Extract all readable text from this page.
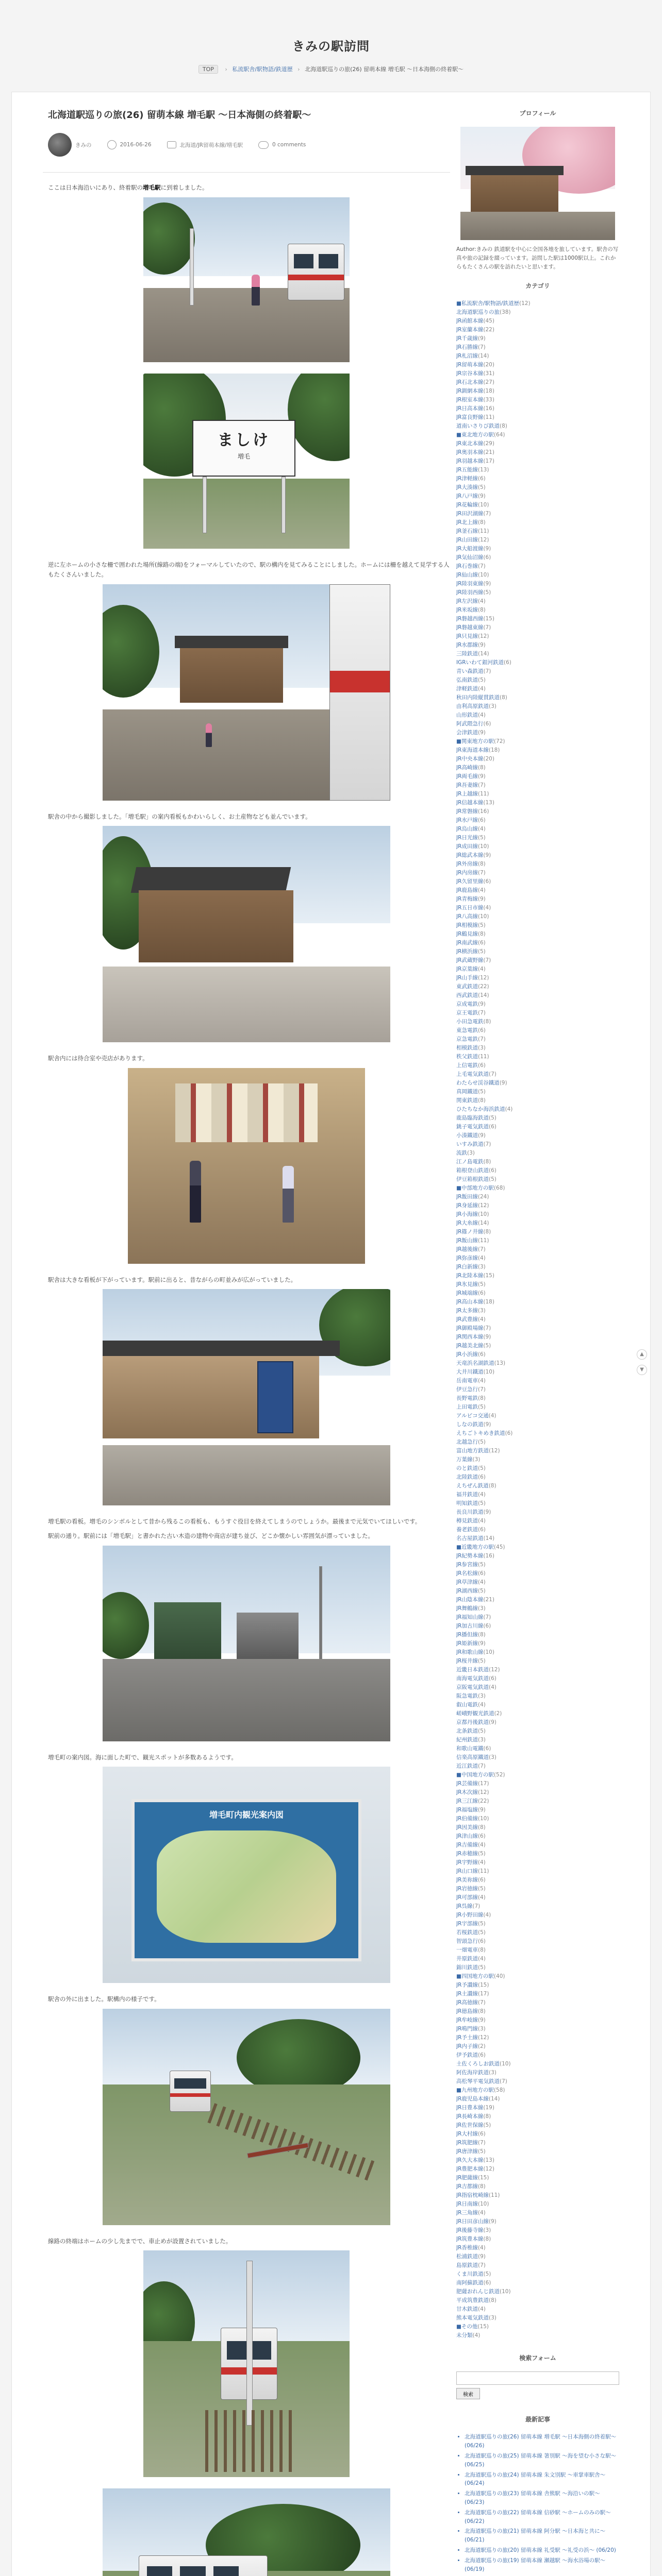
きみの駅訪問
TOP › 私流駅舎/駅物語/鉄道歴 › 北海道駅巡りの旅(26) 留萌本線 増毛駅 〜日本海側の終着駅〜
北海道駅巡りの旅(26) 留萌本線 増毛駅 〜日本海側の終着駅〜
きみの	2016-06-26	北海道/JR留萌本線/増毛駅	0 comments

ここは日本海沿いにあり、終着駅の増毛駅に到着しました。

ましけ
増毛

逆に左ホームの小さな柵で囲われた場所(線路の端)をフォーマルしていたので、駅の構内を見てみることにしました。ホームには柵を越えて見学する人もたくさんいました。

駅舎の中から撮影しました。「増毛駅」の案内看板もかわいらしく、お土産物なども並んでいます。

駅舎内には待合室や売店があります。

駅舎は大きな看板が下がっています。駅前に出ると、昔ながらの町並みが広がっていました。

増毛駅の看板。増毛のシンボルとして昔から残るこの看板も、もうすぐ役目を終えてしまうのでしょうか。最後まで元気でいてほしいです。

駅前の通り。駅前には「増毛駅」と書かれた古い木造の建物や商店が建ち並び、どこか懐かしい雰囲気が漂っていました。

増毛町の案内図。海に面した町で、観光スポットが多数あるようです。

増毛町内観光案内図

駅舎の外に出ました。駅構内の様子です。

線路の終端はホームの少し先までで、車止めが設置されていました。

プロフィール
Author:きみの 鉄道駅を中心に全国各地を旅しています。駅舎の写真や旅の記録を綴っています。訪問した駅は1000駅以上。これからもたくさんの駅を訪れたいと思います。
カテゴリ
■私流駅舎/駅物語/鉄道歴(12)
北海道駅巡りの旅(38)
JR函館本線(45)
JR室蘭本線(22)
JR千歳線(9)
JR石勝線(7)
JR札沼線(14)
JR留萌本線(20)
JR宗谷本線(31)
JR石北本線(27)
JR釧網本線(18)
JR根室本線(33)
JR日高本線(16)
JR富良野線(11)
道南いさりび鉄道(8)
■東北地方の駅(64)
JR東北本線(29)
JR奥羽本線(21)
JR羽越本線(17)
JR五能線(13)
JR津軽線(6)
JR大湊線(5)
JR八戸線(9)
JR花輪線(10)
JR田沢湖線(7)
JR北上線(8)
JR釜石線(11)
JR山田線(12)
JR大船渡線(9)
JR気仙沼線(6)
JR石巻線(7)
JR仙山線(10)
JR陸羽東線(9)
JR陸羽西線(5)
JR左沢線(4)
JR米坂線(8)
JR磐越西線(15)
JR磐越東線(7)
JR只見線(12)
JR水郡線(9)
三陸鉄道(14)
IGRいわて銀河鉄道(6)
青い森鉄道(7)
弘南鉄道(5)
津軽鉄道(4)
秋田内陸縦貫鉄道(8)
由利高原鉄道(3)
山形鉄道(4)
阿武隈急行(6)
会津鉄道(9)
■関東地方の駅(72)
JR東海道本線(18)
JR中央本線(20)
JR高崎線(8)
JR両毛線(9)
JR吾妻線(7)
JR上越線(11)
JR信越本線(13)
JR常磐線(16)
JR水戸線(6)
JR烏山線(4)
JR日光線(5)
JR成田線(10)
JR総武本線(9)
JR外房線(8)
JR内房線(7)
JR久留里線(6)
JR鹿島線(4)
JR青梅線(9)
JR五日市線(4)
JR八高線(10)
JR相模線(5)
JR鶴見線(8)
JR南武線(6)
JR横浜線(5)
JR武蔵野線(7)
JR京葉線(4)
JR山手線(12)
東武鉄道(22)
西武鉄道(14)
京成電鉄(9)
京王電鉄(7)
小田急電鉄(8)
東急電鉄(6)
京急電鉄(7)
相模鉄道(3)
秩父鉄道(11)
上信電鉄(6)
上毛電気鉄道(7)
わたらせ渓谷鐵道(9)
真岡鐵道(5)
関東鉄道(8)
ひたちなか海浜鉄道(4)
鹿島臨海鉄道(5)
銚子電気鉄道(6)
小湊鐵道(9)
いすみ鉄道(7)
流鉄(3)
江ノ島電鉄(8)
箱根登山鉄道(6)
伊豆箱根鉄道(5)
■中部地方の駅(68)
JR飯田線(24)
JR身延線(12)
JR小海線(10)
JR大糸線(14)
JR篠ノ井線(8)
JR飯山線(11)
JR越後線(7)
JR弥彦線(4)
JR白新線(3)
JR北陸本線(15)
JR氷見線(5)
JR城端線(6)
JR高山本線(18)
JR太多線(3)
JR武豊線(4)
JR御殿場線(7)
JR関西本線(9)
JR越美北線(5)
JR小浜線(6)
天竜浜名湖鉄道(13)
大井川鐵道(10)
岳南電車(4)
伊豆急行(7)
長野電鉄(8)
上田電鉄(5)
アルピコ交通(4)
しなの鉄道(9)
えちごトキめき鉄道(6)
北越急行(5)
富山地方鉄道(12)
万葉線(3)
のと鉄道(5)
北陸鉄道(6)
えちぜん鉄道(8)
福井鉄道(4)
明知鉄道(5)
長良川鉄道(9)
樽見鉄道(4)
養老鉄道(6)
名古屋鉄道(14)
■近畿地方の駅(45)
JR紀勢本線(16)
JR参宮線(5)
JR名松線(6)
JR草津線(4)
JR湖西線(5)
JR山陰本線(21)
JR舞鶴線(3)
JR福知山線(7)
JR加古川線(6)
JR播但線(8)
JR姫新線(9)
JR和歌山線(10)
JR桜井線(5)
近畿日本鉄道(12)
南海電気鉄道(6)
京阪電気鉄道(4)
阪急電鉄(3)
叡山電鉄(4)
嵯峨野観光鉄道(2)
京都丹後鉄道(9)
北条鉄道(5)
紀州鉄道(3)
和歌山電鐵(6)
信楽高原鐵道(3)
近江鉄道(7)
■中国地方の駅(52)
JR芸備線(17)
JR木次線(12)
JR三江線(22)
JR福塩線(9)
JR伯備線(10)
JR因美線(8)
JR津山線(6)
JR吉備線(4)
JR赤穂線(5)
JR宇野線(4)
JR山口線(11)
JR美祢線(6)
JR岩徳線(5)
JR可部線(4)
JR呉線(7)
JR小野田線(4)
JR宇部線(5)
若桜鉄道(5)
智頭急行(6)
一畑電車(8)
井原鉄道(4)
錦川鉄道(5)
■四国地方の駅(40)
JR予讃線(15)
JR土讃線(17)
JR高徳線(7)
JR徳島線(8)
JR牟岐線(9)
JR鳴門線(3)
JR予土線(12)
JR内子線(2)
伊予鉄道(6)
土佐くろしお鉄道(10)
阿佐海岸鉄道(3)
高松琴平電気鉄道(7)
■九州地方の駅(58)
JR鹿児島本線(14)
JR日豊本線(19)
JR長崎本線(8)
JR佐世保線(5)
JR大村線(6)
JR筑肥線(7)
JR唐津線(5)
JR久大本線(13)
JR豊肥本線(12)
JR肥薩線(15)
JR吉都線(8)
JR指宿枕崎線(11)
JR日南線(10)
JR三角線(4)
JR日田彦山線(9)
JR後藤寺線(3)
JR筑豊本線(8)
JR香椎線(4)
松浦鉄道(9)
島原鉄道(7)
くま川鉄道(5)
南阿蘇鉄道(6)
肥薩おれんじ鉄道(10)
平成筑豊鉄道(8)
甘木鉄道(4)
熊本電気鉄道(3)
■その他(15)
未分類(4)
検索フォーム
検索
最新記事
• 北海道駅巡りの旅(26) 留萌本線 増毛駅 〜日本海側の終着駅〜 (06/26)
• 北海道駅巡りの旅(25) 留萌本線 箸別駅 〜海を望む小さな駅〜 (06/25)
• 北海道駅巡りの旅(24) 留萌本線 朱文別駅 〜車掌車駅舎〜 (06/24)
• 北海道駅巡りの旅(23) 留萌本線 舎熊駅 〜海沿いの駅〜 (06/23)
• 北海道駅巡りの旅(22) 留萌本線 信砂駅 〜ホームのみの駅〜 (06/22)
• 北海道駅巡りの旅(21) 留萌本線 阿分駅 〜日本海と共に〜 (06/21)
• 北海道駅巡りの旅(20) 留萌本線 礼受駅 〜礼受の浜〜 (06/20)
• 北海道駅巡りの旅(19) 留萌本線 瀬越駅 〜海水浴場の駅〜 (06/19)
•
▲
▼
